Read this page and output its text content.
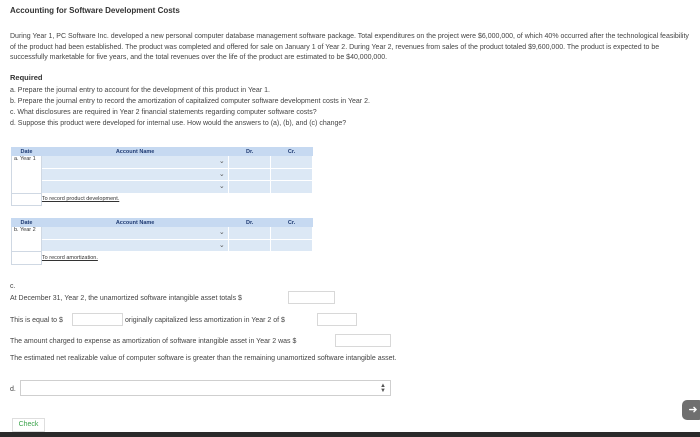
Accounting for Software Development Costs
During Year 1, PC Software Inc. developed a new personal computer database management software package. Total expenditures on the project were $6,000,000, of which 40% occurred after the technological feasibility of the product had been established. The product was completed and offered for sale on January 1 of Year 2. During Year 2, revenues from sales of the product totaled $9,600,000. The product is expected to be successfully marketable for five years, and the total revenues over the life of the product are estimated to be $40,000,000.
Required
a. Prepare the journal entry to account for the development of this product in Year 1.
b. Prepare the journal entry to record the amortization of capitalized computer software development costs in Year 2.
c. What disclosures are required in Year 2 financial statements regarding computer software costs?
d. Suppose this product were developed for internal use. How would the answers to (a), (b), and (c) change?
Date	Account Name	Dr.	Cr.
a. Year 1	⌄		

	⌄		

	⌄		

	To record product development.		
Date	Account Name	Dr.	Cr.
b. Year 2	⌄		

	⌄		

	To record amortization.		
c.
At December 31, Year 2, the unamortized software intangible asset totals $
This is equal to $	originally capitalized less amortization in Year 2 of $
The amount charged to expense as amortization of software intangible asset in Year 2 was $
The estimated net realizable value of computer software is greater than the remaining unamortized software intangible asset.
d.	▲
▼
Check
➜
